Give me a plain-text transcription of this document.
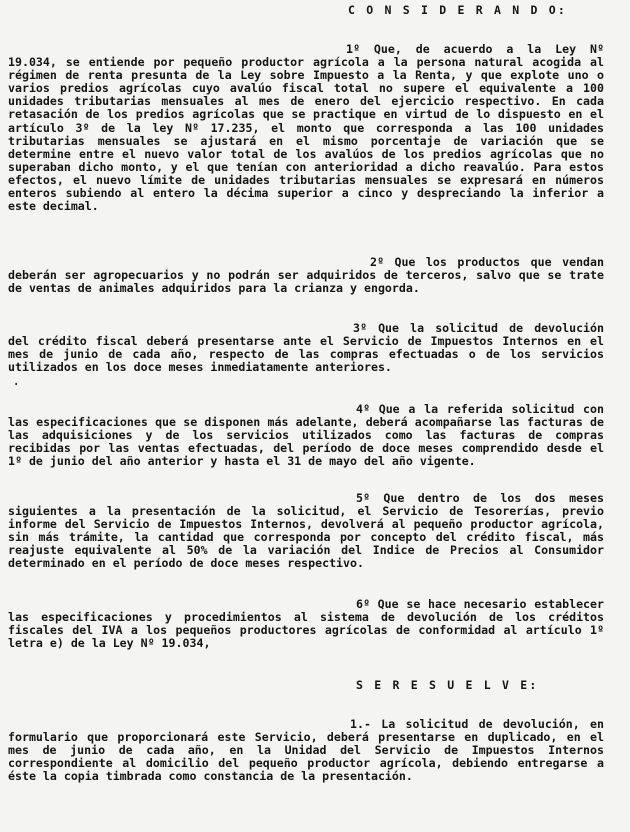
C O N S I D E R A N D O:

1º Que, de acuerdo a la Ley Nº 19.034, se entiende por pequeño productor agrícola a la persona natural acogida al régimen de renta presunta de la Ley sobre Impuesto a la Renta, y que explote uno o varios predios agrícolas cuyo avalúo fiscal total no supere el equivalente a 100 unidades tributarias mensuales al mes de enero del ejercicio respectivo. En cada retasación de los predios agrícolas que se practique en virtud de lo dispuesto en el artículo 3º de la ley Nº 17.235, el monto que corresponda a las 100 unidades tributarias mensuales se ajustará en el mismo porcentaje de variación que se determine entre el nuevo valor total de los avalúos de los predios agrícolas que no superaban dicho monto, y el que tenían con anterioridad a dicho reavalúo. Para estos efectos, el nuevo límite de unidades tributarias mensuales se expresará en números enteros subiendo al entero la décima superior a cinco y despreciando la inferior a este decimal.

2º Que los productos que vendan deberán ser agropecuarios y no podrán ser adquiridos de terceros, salvo que se trate de ventas de animales adquiridos para la crianza y engorda.

3º Que la solicitud de devolución del crédito fiscal deberá presentarse ante el Servicio de Impuestos Internos en el mes de junio de cada año, respecto de las compras efectuadas o de los servicios utilizados en los doce meses inmediatamente anteriores.

4º Que a la referida solicitud con las especificaciones que se disponen más adelante, deberá acompañarse las facturas de las adquisiciones y de los servicios utilizados como las facturas de compras recibidas por las ventas efectuadas, del período de doce meses comprendido desde el 1º de junio del año anterior y hasta el 31 de mayo del año vigente.

5º Que dentro de los dos meses siguientes a la presentación de la solicitud, el Servicio de Tesorerías, previo informe del Servicio de Impuestos Internos, devolverá al pequeño productor agrícola, sin más trámite, la cantidad que corresponda por concepto del crédito fiscal, más reajuste equivalente al 50% de la variación del Indice de Precios al Consumidor determinado en el período de doce meses respectivo.

6º Que se hace necesario establecer las especificaciones y procedimientos al sistema de devolución de los créditos fiscales del IVA a los pequeños productores agrícolas de conformidad al artículo 1º letra e) de la Ley Nº 19.034,

S E R E S U E L V E:

1.- La solicitud de devolución, en formulario que proporcionará este Servicio, deberá presentarse en duplicado, en el mes de junio de cada año, en la Unidad del Servicio de Impuestos Internos correspondiente al domicilio del pequeño productor agrícola, debiendo entregarse a éste la copia timbrada como constancia de la presentación.

·
